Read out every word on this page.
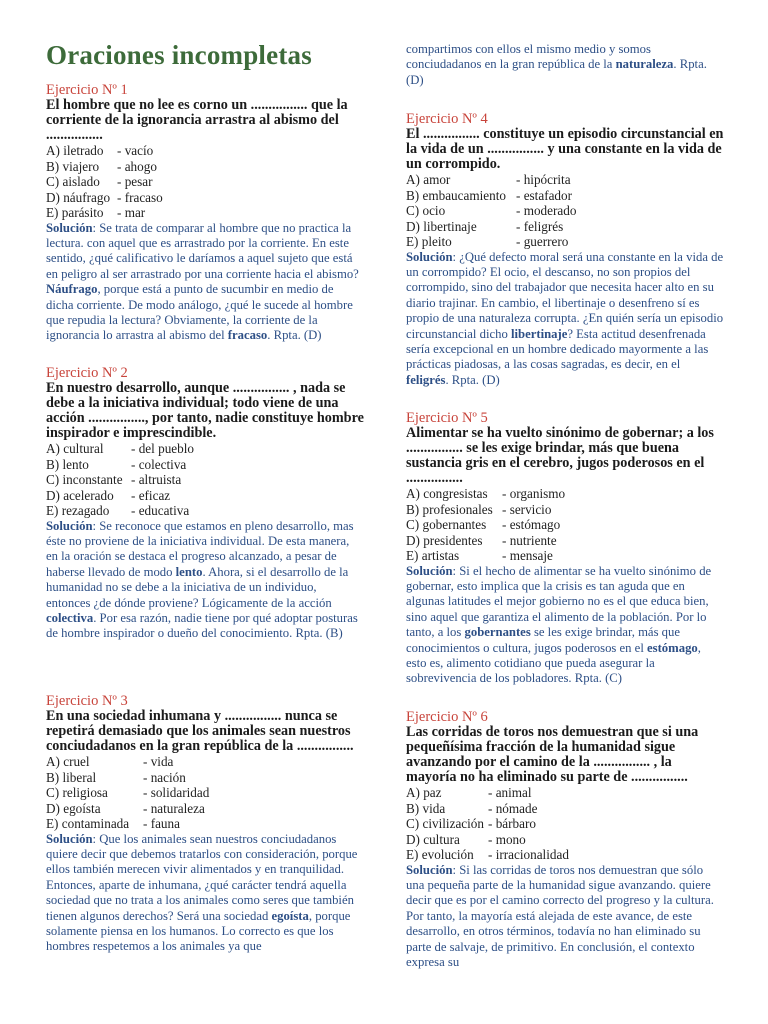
Oraciones incompletas

Ejercicio Nº 1

El hombre que no lee es corno un ................ que la corriente de la ignorancia arrastra al abismo del ................

A) iletrado	- vacío
B) viajero	- ahogo
C) aislado	- pesar
D) náufrago - fracaso
E) parásito	- mar

Solución: Se trata de comparar al hombre que no practica la lectura. con aquel que es arrastrado por la corriente. En este sentido, ¿qué calificativo le daríamos a aquel sujeto que está en peligro al ser arrastrado por una corriente hacia el abismo? Náufrago, porque está a punto de sucumbir en medio de dicha corriente. De modo análogo, ¿qué le sucede al hombre que repudia la lectura? Obviamente, la corriente de la ignorancia lo arrastra al abismo del fracaso. Rpta. (D)

Ejercicio Nº 2

En nuestro desarrollo, aunque ................ , nada se debe a la iniciativa individual; todo viene de una acción ................, por tanto, nadie constituye hombre inspirador e imprescindible.

A) cultural	- del pueblo
B) lento	- colectiva
C) inconstante - altruista
D) acelerado	- eficaz
E) rezagado	- educativa

Solución: Se reconoce que estamos en pleno desarrollo, mas éste no proviene de la iniciativa individual. De esta manera, en la oración se destaca el progreso alcanzado, a pesar de haberse llevado de modo lento. Ahora, si el desarrollo de la humanidad no se debe a la iniciativa de un individuo, entonces ¿de dónde proviene? Lógicamente de la acción colectiva. Por esa razón, nadie tiene por qué adoptar posturas de hombre inspirador o dueño del conocimiento. Rpta. (B)

Ejercicio Nº 3

En una sociedad inhumana y ................ nunca se repetirá demasiado que los animales sean nuestros conciudadanos en la gran república de la ................

A) cruel	- vida
B) liberal	- nación
C) religiosa	- solidaridad
D) egoísta	- naturaleza
E) contaminada	- fauna

Solución: Que los animales sean nuestros conciudadanos quiere decir que debemos tratarlos con consideración, porque ellos también merecen vivir alimentados y en tranquilidad. Entonces, aparte de inhumana, ¿qué carácter tendrá aquella sociedad que no trata a los animales como seres que también tienen algunos derechos? Será una sociedad egoísta, porque solamente piensa en los humanos. Lo correcto es que los hombres respetemos a los animales ya que

compartimos con ellos el mismo medio y somos conciudadanos en la gran república de la naturaleza. Rpta. (D)

Ejercicio Nº 4

El ................ constituye un episodio circunstancial en la vida de un ................ y una constante en la vida de un corrompido.

A) amor	- hipócrita
B) embaucamiento - estafador
C) ocio	- moderado
D) libertinaje	- feligrés
E) pleito	- guerrero

Solución: ¿Qué defecto moral será una constante en la vida de un corrompido? El ocio, el descanso, no son propios del corrompido, sino del trabajador que necesita hacer alto en su diario trajinar. En cambio, el libertinaje o desenfreno sí es propio de una naturaleza corrupta. ¿En quién sería un episodio circunstancial dicho libertinaje? Esta actitud desenfrenada sería excepcional en un hombre dedicado mayormente a las prácticas piadosas, a las cosas sagradas, es decir, en el feligrés. Rpta. (D)

Ejercicio Nº 5

Alimentar se ha vuelto sinónimo de gobernar; a los ................ se les exige brindar, más que buena sustancia gris en el cerebro, jugos poderosos en el ................

A) congresistas	- organismo
B) profesionales - servicio
C) gobernantes	- estómago
D) presidentes	- nutriente
E) artistas	- mensaje

Solución: Si el hecho de alimentar se ha vuelto sinónimo de gobernar, esto implica que la crisis es tan aguda que en algunas latitudes el mejor gobierno no es el que educa bien, sino aquel que garantiza el alimento de la población. Por lo tanto, a los gobernantes se les exige brindar, más que conocimientos o cultura, jugos poderosos en el estómago, esto es, alimento cotidiano que pueda asegurar la sobrevivencia de los pobladores. Rpta. (C)

Ejercicio Nº 6

Las corridas de toros nos demuestran que si una pequeñísima fracción de la humanidad sigue avanzando por el camino de la ................ , la mayoría no ha eliminado su parte de ................

A) paz	- animal
B) vida	- nómade
C) civilización - bárbaro
D) cultura	- mono
E) evolución	- irracionalidad

Solución: Si las corridas de toros nos demuestran que sólo una pequeña parte de la humanidad sigue avanzando. quiere decir que es por el camino correcto del progreso y la cultura. Por tanto, la mayoría está alejada de este avance, de este desarrollo, en otros términos, todavía no han eliminado su parte de salvaje, de primitivo. En conclusión, el contexto expresa su
